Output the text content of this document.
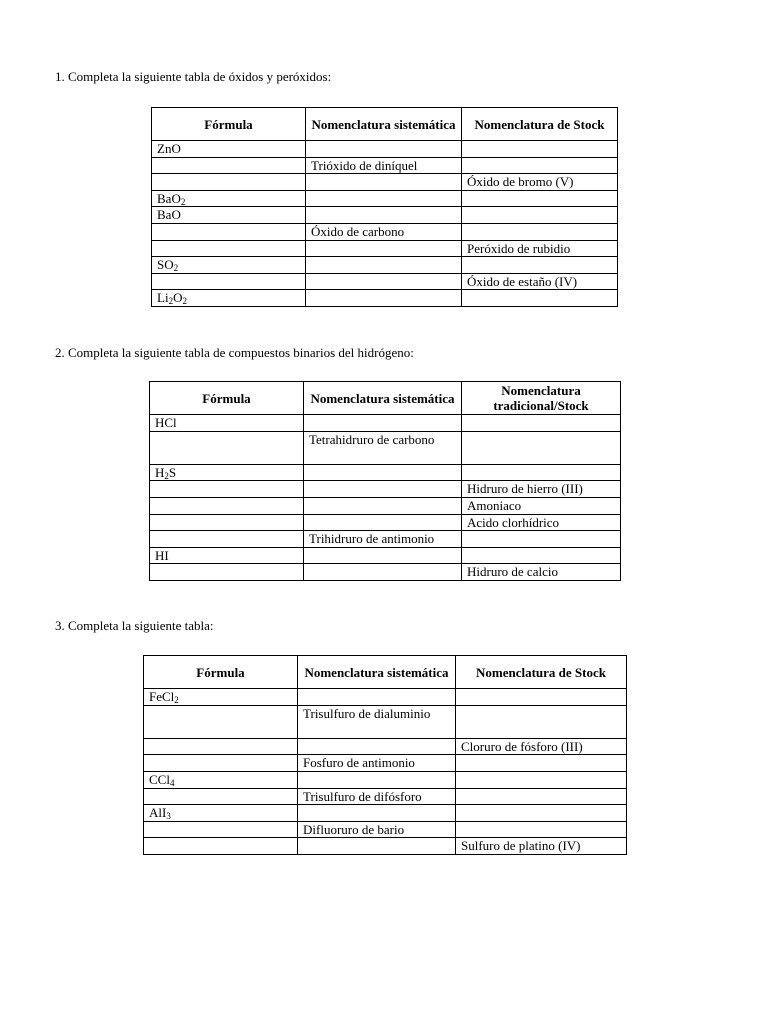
1. Completa la siguiente tabla de óxidos y peróxidos:

Fórmula	Nomenclatura sistemática	Nomenclatura de Stock
ZnO		
	Trióxido de diníquel	
		Óxido de bromo (V)
BaO$_2$		
BaO		
	Óxido de carbono	
		Peróxido de rubidio
$SO_2$		
		Óxido de estaño (IV)
$Li_2O_2$		

2. Completa la siguiente tabla de compuestos binarios del hidrógeno:

Fórmula	Nomenclatura sistemática	Nomenclatura tradicional/Stock
HCl		
	Tetrahidruro de carbono	
$H_2S$		
		Hidruro de hierro (III)
		Amoniaco
		Acido clorhídrico
	Trihidruro de antimonio	
HI		
		Hidruro de calcio

3. Completa la siguiente tabla:

Fórmula	Nomenclatura sistemática	Nomenclatura de Stock
FeCl$_2$		
	Trisulfuro de dialuminio	
		Cloruro de fósforo (III)
	Fosfuro de antimonio	
CCl$_4$		
	Trisulfuro de difósforo	
AlI$_3$		
	Difluoruro de bario	
		Sulfuro de platino (IV)
